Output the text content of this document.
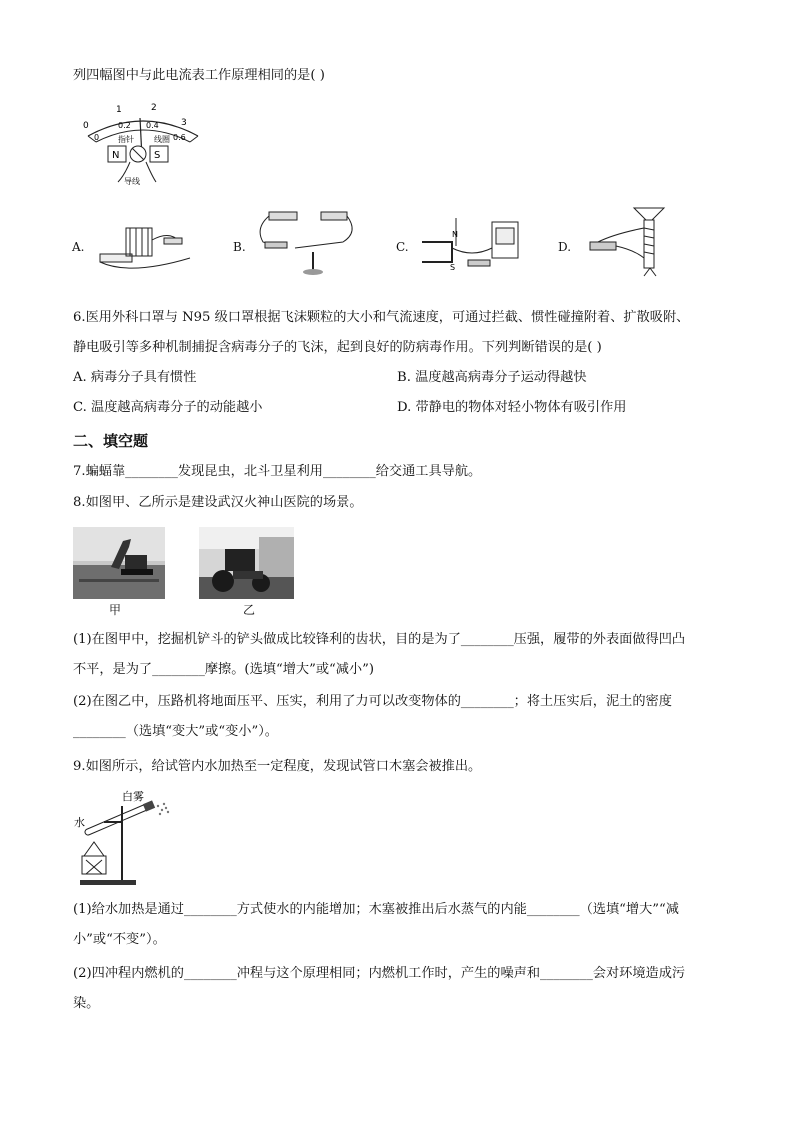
列四幅图中与此电流表工作原理相同的是( )
0
1	2
3
0
0.2 0.4
0.6
指针	线圈
N	S
导线
A.	B.	C.
N
S
D.
6.医用外科口罩与 N95 级口罩根据飞沫颗粒的大小和气流速度，可通过拦截、惯性碰撞附着、扩散吸附、
静电吸引等多种机制捕捉含病毒分子的飞沫，起到良好的防病毒作用。下列判断错误的是( )
A. 病毒分子具有惯性	B. 温度越高病毒分子运动得越快
C. 温度越高病毒分子的动能越小	D. 带静电的物体对轻小物体有吸引作用
二、填空题
7.蝙蝠靠________发现昆虫，北斗卫星利用________给交通工具导航。
8.如图甲、乙所示是建设武汉火神山医院的场景。
甲	乙
(1)在图甲中，挖掘机铲斗的铲头做成比较锋利的齿状，目的是为了________压强，履带的外表面做得凹凸
不平，是为了________摩擦。(选填“增大”或“减小”)
(2)在图乙中，压路机将地面压平、压实，利用了力可以改变物体的________；将土压实后，泥土的密度
________（选填“变大”或“变小”）。
9.如图所示，给试管内水加热至一定程度，发现试管口木塞会被推出。
白雾
水
(1)给水加热是通过________方式使水的内能增加；木塞被推出后水蒸气的内能________（选填“增大”“减
小”或“不变”）。
(2)四冲程内燃机的________冲程与这个原理相同；内燃机工作时，产生的噪声和________会对环境造成污
染。
